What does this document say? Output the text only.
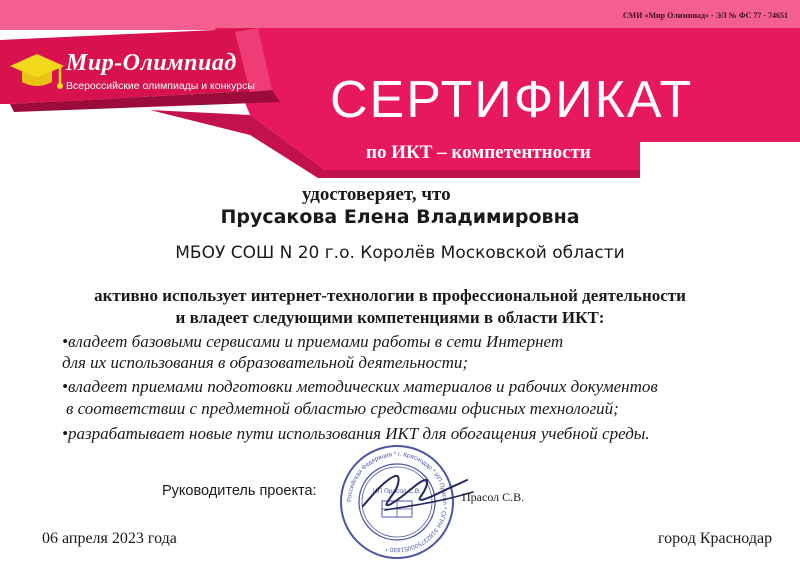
СМИ «Мир Олимпиад» - ЭЛ № ФС 77 - 74651
Мир-Олимпиад
Всероссийские олимпиады и конкурсы СЕРТИФИКАТ
по ИКТ – компетентности
удостоверяет, что
Прусакова Елена Владимировна
МБОУ СОШ N 20 г.о. Королёв Московской области
активно использует интернет-технологии в профессиональной деятельности
и владеет следующими компетенциями в области ИКТ:
•владеет базовыми сервисами и приемами работы в сети Интернет
для их использования в образовательной деятельности;
•владеет приемами подготовки методических материалов и рабочих документов
в соответствии с предметной областью средствами офисных технологий;
•разрабатывает новые пути использования ИКТ для обогащения учебной среды.
Российская Федерация * г. Краснодар * ИП Прасол * ОГРН 318237500051830 *
ИП Прасол С.В.
Руководитель проекта:	Прасол С.В.
06 апреля 2023 года	город Краснодар
